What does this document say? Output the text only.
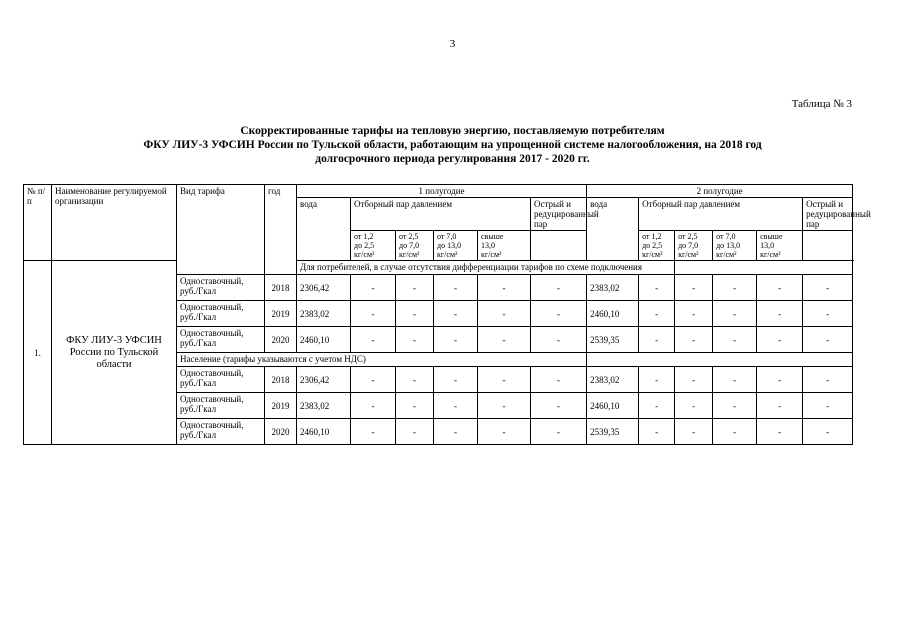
3
Таблица № 3
Скорректированные тарифы на тепловую энергию, поставляемую потребителям
ФКУ ЛИУ-3 УФСИН России по Тульской области, работающим на упрощенной системе налогообложения, на 2018 год
долгосрочного периода регулирования 2017 - 2020 гг.
№ п/п	Наименование регулируемой организации	Вид тарифа	год	1 полугодие						2 полугодие					
				вода	Отборный пар давлением				Острый и редуцированный пар	вода	Отборный пар давлением				Острый и редуцированный пар

					от 1,2
до 2,5
кг/см²	от 2,5
до 7,0
кг/см²	от 7,0
до 13,0
кг/см²	свыше
13,0
кг/см²			от 1,2
до 2,5
кг/см²	от 2,5
до 7,0
кг/см²	от 7,0
до 13,0
кг/см²	свыше
13,0
кг/см²	

1.	ФКУ ЛИУ-3 УФСИН России по Тульской области			Для потребителей, в случае отсутствия дифференциации тарифов по схеме подключения											
		Одноставочный, руб./Гкал	2018	2306,42	-	-	-	-	-	2383,02	-	-	-	-	-
		Одноставочный, руб./Гкал	2019	2383,02	-	-	-	-	-	2460,10	-	-	-	-	-
		Одноставочный, руб./Гкал	2020	2460,10	-	-	-	-	-	2539,35	-	-	-	-	-
		Население (тарифы указываются с учетом НДС)													
		Одноставочный, руб./Гкал	2018	2306,42	-	-	-	-	-	2383,02	-	-	-	-	-
		Одноставочный, руб./Гкал	2019	2383,02	-	-	-	-	-	2460,10	-	-	-	-	-
		Одноставочный, руб./Гкал	2020	2460,10	-	-	-	-	-	2539,35	-	-	-	-	-
